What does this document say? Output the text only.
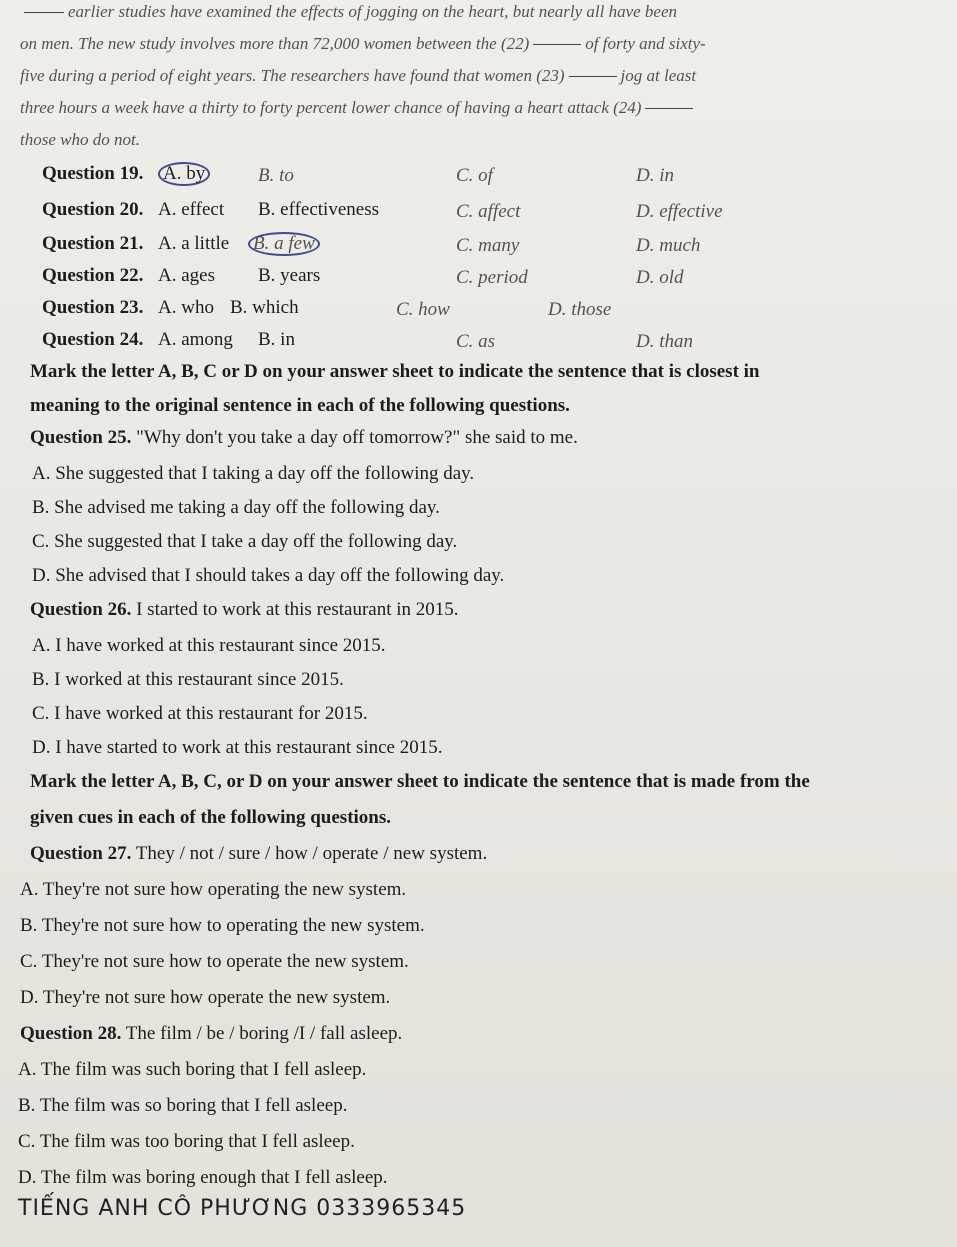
earlier studies have examined the effects of jogging on the heart, but nearly all have been
on men. The new study involves more than 72,000 women between the (22)	of forty and sixty-
five during a period of eight years. The researchers have found that women (23)	jog at least
three hours a week have a thirty to forty percent lower chance of having a heart attack (24)
those who do not.
Question 19. A. by	B. to	C. of	D. in
Question 20. A. effect B. effectiveness	C. affect	D. effective
Question 21. A. a little B. a few	C. many	D. much
Question 22. A. ages B. years	C. period	D. old
Question 23. A. who B. which	C. how	D. those
Question 24. A. among B. in	C. as	D. than
Mark the letter A, B, C or D on your answer sheet to indicate the sentence that is closest in
meaning to the original sentence in each of the following questions.
Question 25. "Why don't you take a day off tomorrow?" she said to me.
A. She suggested that I taking a day off the following day.
B. She advised me taking a day off the following day.
C. She suggested that I take a day off the following day.
D. She advised that I should takes a day off the following day.
Question 26. I started to work at this restaurant in 2015.
A. I have worked at this restaurant since 2015.
B. I worked at this restaurant since 2015.
C. I have worked at this restaurant for 2015.
D. I have started to work at this restaurant since 2015.
Mark the letter A, B, C, or D on your answer sheet to indicate the sentence that is made from the
given cues in each of the following questions.
Question 27. They / not / sure / how / operate / new system.
A. They're not sure how operating the new system.
B. They're not sure how to operating the new system.
C. They're not sure how to operate the new system.
D. They're not sure how operate the new system.
Question 28. The film / be / boring /I / fall asleep.
A. The film was such boring that I fell asleep.
B. The film was so boring that I fell asleep.
C. The film was too boring that I fell asleep.
D. The film was boring enough that I fell asleep.
TIẾNG ANH CÔ PHƯƠNG 0333965345
